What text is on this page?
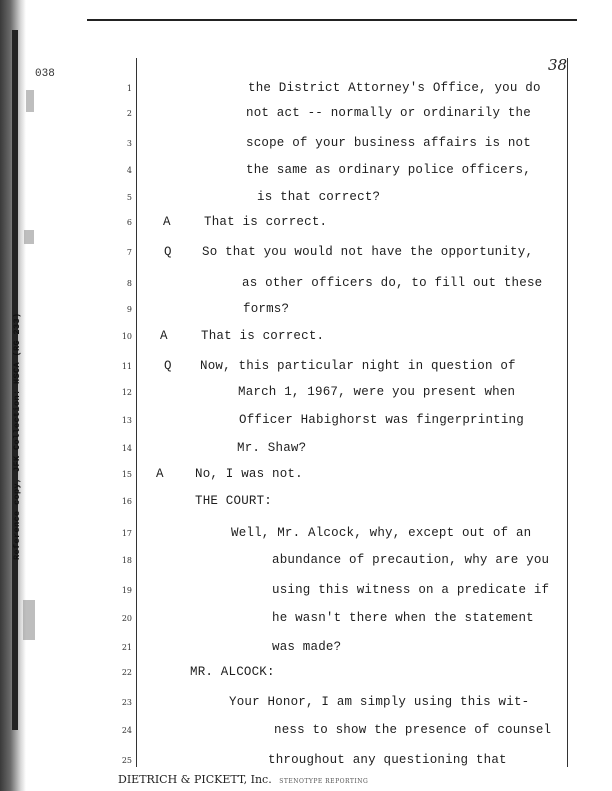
Reference copy, JFK Collection: HSCA (RG 233)
038	38
1	the District Attorney's Office, you do
2	not act -- normally or ordinarily the
3	scope of your business affairs is not
4	the same as ordinary police officers,
5	is that correct?
6 A	That is correct.
7	Q So that you would not have the opportunity,
8	as other officers do, to fill out these
9	forms?
10 A	That is correct.
11	Q Now, this particular night in question of
12	March 1, 1967, were you present when
13	Officer Habighorst was fingerprinting
14	Mr. Shaw?
15 A	No, I was not.
16	THE COURT:
17	Well, Mr. Alcock, why, except out of an
18	abundance of precaution, why are you
19	using this witness on a predicate if
20	he wasn't there when the statement
21	was made?
22	MR. ALCOCK:
23	Your Honor, I am simply using this wit-
24	ness to show the presence of counsel
25	throughout any questioning that
DIETRICH & PICKETT, Inc. STENOTYPE REPORTING
